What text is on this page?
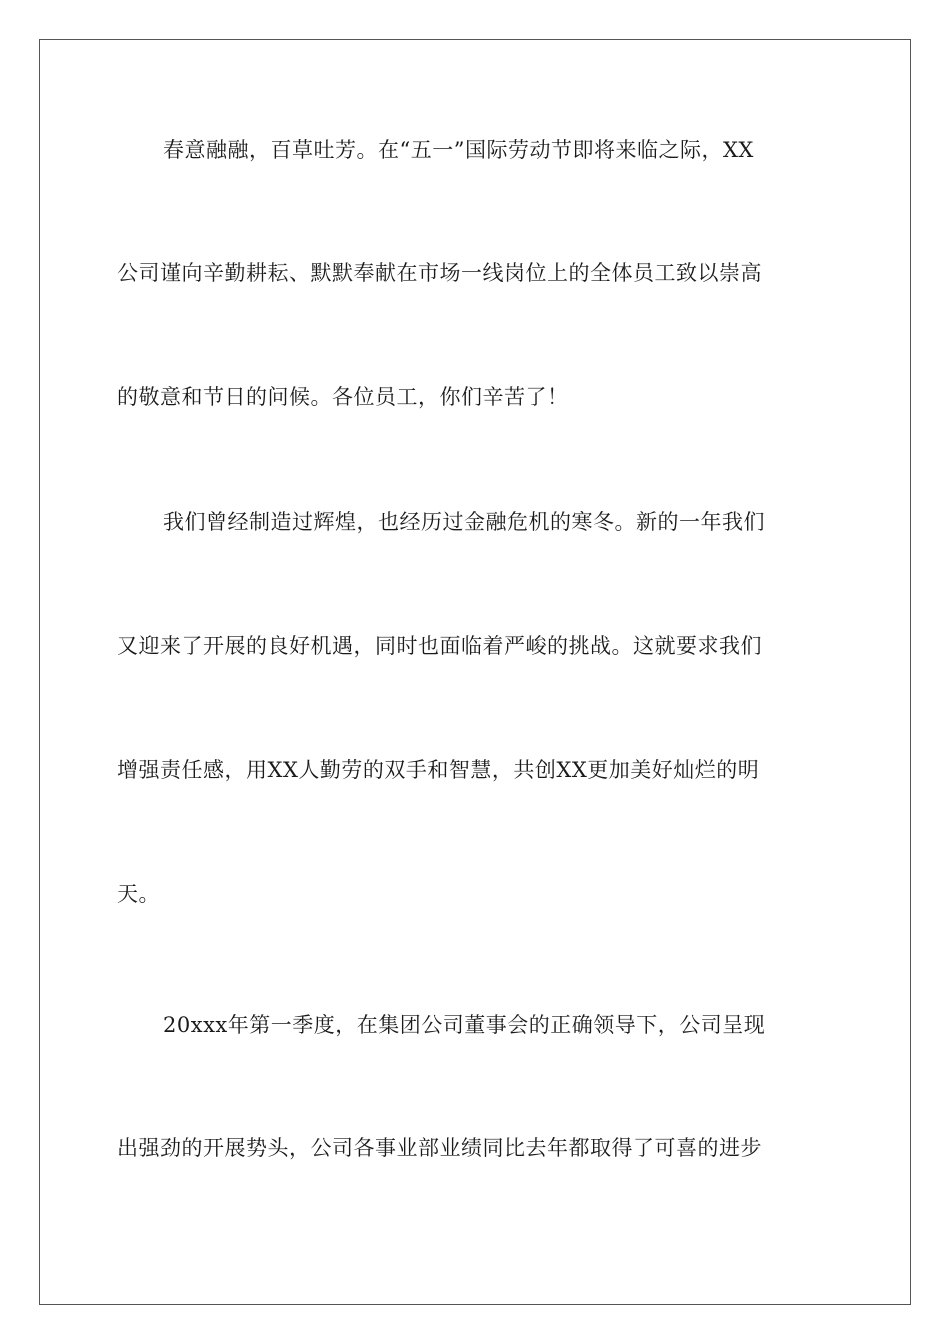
春意融融，百草吐芳。在“五一”国际劳动节即将来临之际，XX
公司谨向辛勤耕耘、默默奉献在市场一线岗位上的全体员工致以崇高
的敬意和节日的问候。各位员工，你们辛苦了！
我们曾经制造过辉煌，也经历过金融危机的寒冬。新的一年我们
又迎来了开展的良好机遇，同时也面临着严峻的挑战。这就要求我们
增强责任感，用XX人勤劳的双手和智慧，共创XX更加美好灿烂的明
天。
20xxx年第一季度，在集团公司董事会的正确领导下，公司呈现
出强劲的开展势头，公司各事业部业绩同比去年都取得了可喜的进步
